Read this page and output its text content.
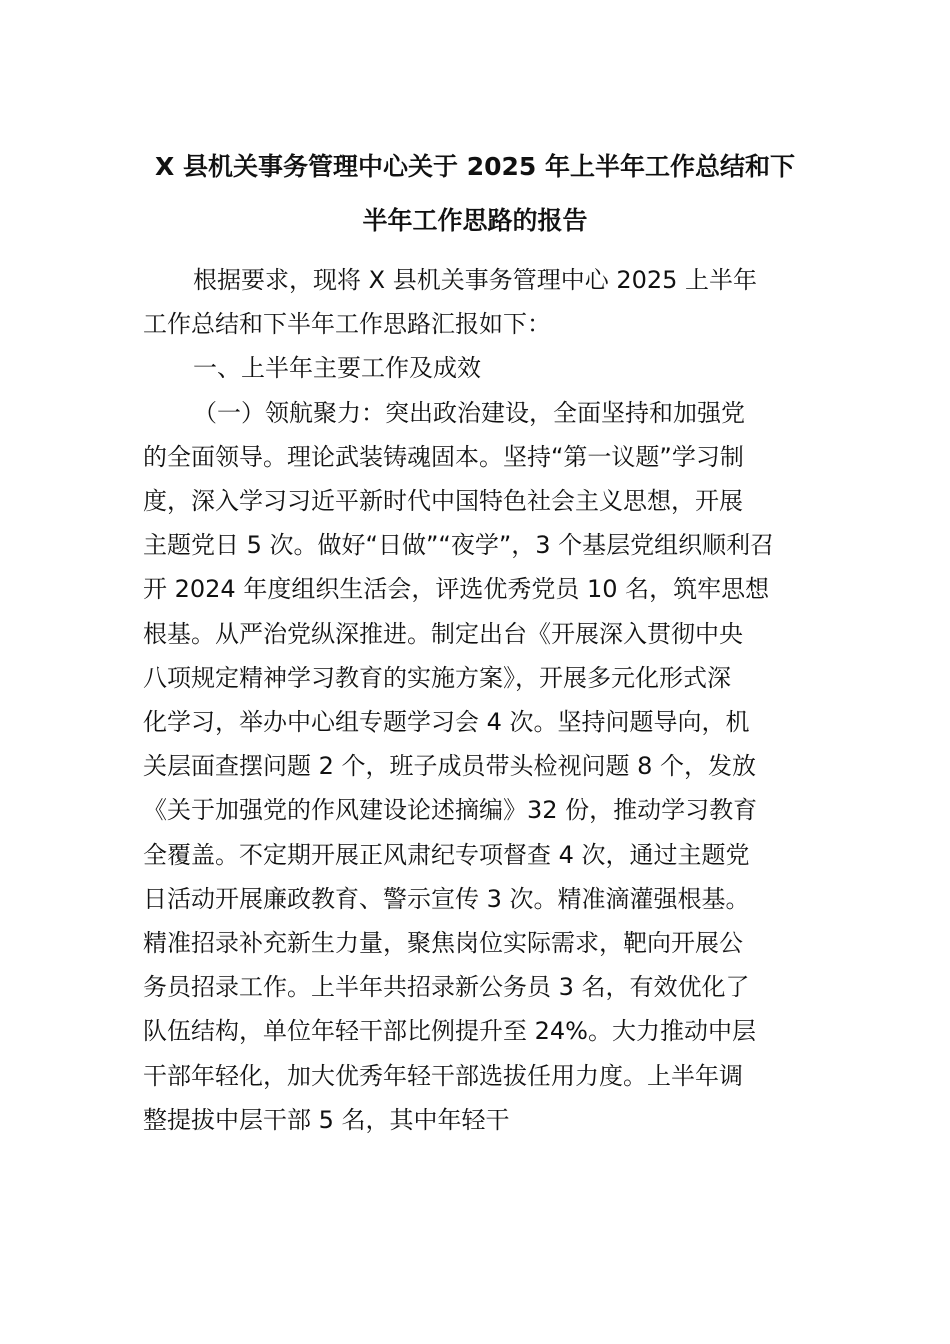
X 县机关事务管理中心关于 2025 年上半年工作总结和下
半年工作思路的报告

根据要求，现将 X 县机关事务管理中心 2025 上半年
工作总结和下半年工作思路汇报如下：

一、上半年主要工作及成效

（一）领航聚力：突出政治建设，全面坚持和加强党
的全面领导。理论武装铸魂固本。坚持“第一议题”学习制
度，深入学习习近平新时代中国特色社会主义思想，开展
主题党日 5 次。做好“日做”“夜学”，3 个基层党组织顺利召
开 2024 年度组织生活会，评选优秀党员 10 名，筑牢思想
根基。从严治党纵深推进。制定出台《开展深入贯彻中央
八项规定精神学习教育的实施方案》，开展多元化形式深
化学习，举办中心组专题学习会 4 次。坚持问题导向，机
关层面查摆问题 2 个，班子成员带头检视问题 8 个，发放
《关于加强党的作风建设论述摘编》32 份，推动学习教育
全覆盖。不定期开展正风肃纪专项督查 4 次，通过主题党
日活动开展廉政教育、警示宣传 3 次。精准滴灌强根基。
精准招录补充新生力量，聚焦岗位实际需求，靶向开展公
务员招录工作。上半年共招录新公务员 3 名，有效优化了
队伍结构，单位年轻干部比例提升至 24%。大力推动中层
干部年轻化，加大优秀年轻干部选拔任用力度。上半年调
整提拔中层干部 5 名，其中年轻干
